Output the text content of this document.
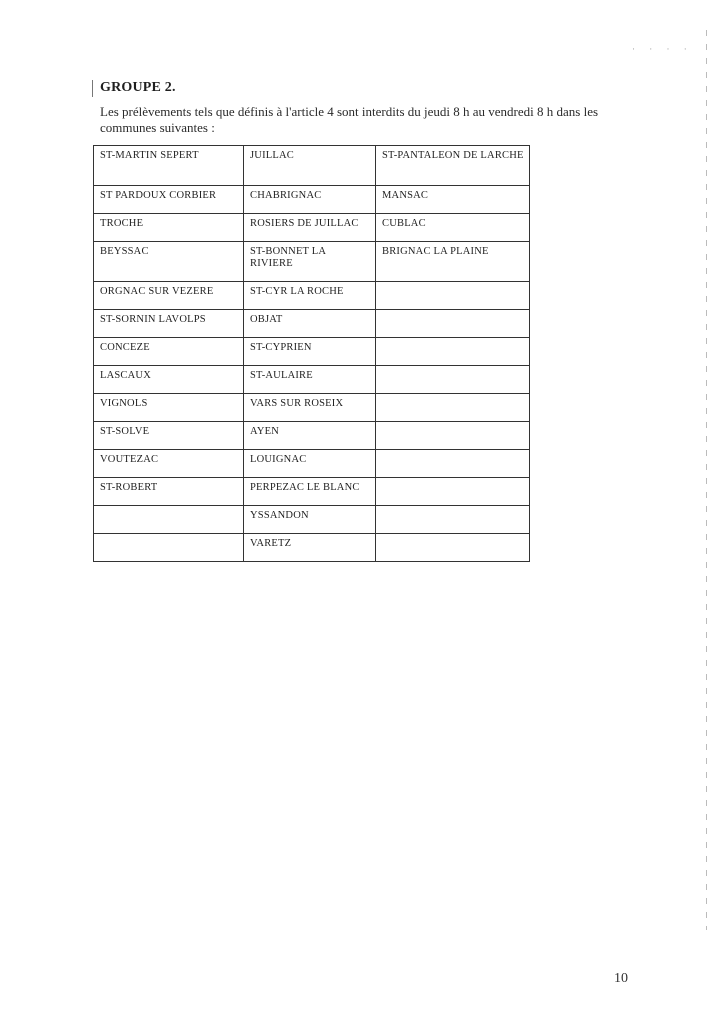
GROUPE 2.
Les prélèvements tels que définis à l'article 4 sont interdits du jeudi 8 h au vendredi 8 h dans les communes suivantes :
ST-MARTIN SEPERT	JUILLAC	ST-PANTALEON DE LARCHE
ST PARDOUX CORBIER	CHABRIGNAC	MANSAC
TROCHE	ROSIERS DE JUILLAC	CUBLAC
BEYSSAC	ST-BONNET LA RIVIERE	BRIGNAC LA PLAINE
ORGNAC SUR VEZERE	ST-CYR LA ROCHE	
ST-SORNIN LAVOLPS	OBJAT	
CONCEZE	ST-CYPRIEN	
LASCAUX	ST-AULAIRE	
VIGNOLS	VARS SUR ROSEIX	
ST-SOLVE	AYEN	
VOUTEZAC	LOUIGNAC	
ST-ROBERT	PERPEZAC LE BLANC	
	YSSANDON	
	VARETZ	
· · · ·
10
